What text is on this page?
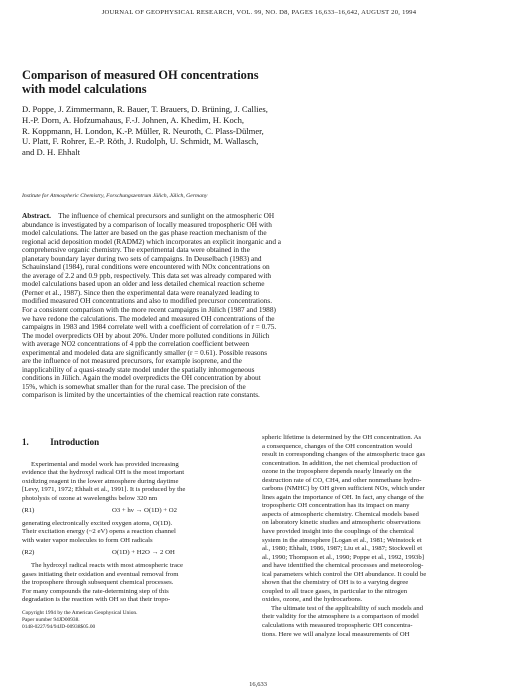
JOURNAL OF GEOPHYSICAL RESEARCH, VOL. 99, NO. D8, PAGES 16,633–16,642, AUGUST 20, 1994
Comparison of measured OH concentrations
with model calculations
D. Poppe, J. Zimmermann, R. Bauer, T. Brauers, D. Brüning, J. Callies,
H.-P. Dorn, A. Hofzumahaus, F.-J. Johnen, A. Khedim, H. Koch,
R. Koppmann, H. London, K.-P. Müller, R. Neuroth, C. Plass-Dülmer,
U. Platt, F. Rohrer, E.-P. Röth, J. Rudolph, U. Schmidt, M. Wallasch,
and D. H. Ehhalt
Institute for Atmospheric Chemistry, Forschungszentrum Jülich, Jülich, Germany
Abstract. The influence of chemical precursors and sunlight on the atmospheric OH
abundance is investigated by a comparison of locally measured tropospheric OH with
model calculations. The latter are based on the gas phase reaction mechanism of the
regional acid deposition model (RADM2) which incorporates an explicit inorganic and a
comprehensive organic chemistry. The experimental data were obtained in the
planetary boundary layer during two sets of campaigns. In Deuselbach (1983) and
Schauinsland (1984), rural conditions were encountered with NOx concentrations on
the average of 2.2 and 0.9 ppb, respectively. This data set was already compared with
model calculations based upon an older and less detailed chemical reaction scheme
(Perner et al., 1987). Since then the experimental data were reanalyzed leading to
modified measured OH concentrations and also to modified precursor concentrations.
For a consistent comparison with the more recent campaigns in Jülich (1987 and 1988)
we have redone the calculations. The modeled and measured OH concentrations of the
campaigns in 1983 and 1984 correlate well with a coefficient of correlation of r = 0.75.
The model overpredicts OH by about 20%. Under more polluted conditions in Jülich
with average NO2 concentrations of 4 ppb the correlation coefficient between
experimental and modeled data are significantly smaller (r = 0.61). Possible reasons
are the influence of not measured precursors, for example isoprene, and the
inapplicability of a quasi-steady state model under the spatially inhomogeneous
conditions in Jülich. Again the model overpredicts the OH concentration by about
15%, which is somewhat smaller than for the rural case. The precision of the
comparison is limited by the uncertainties of the chemical reaction rate constants.
1. Introduction
Experimental and model work has provided increasing
evidence that the hydroxyl radical OH is the most important
oxidizing reagent in the lower atmosphere during daytime
[Levy, 1971, 1972; Ehhalt et al., 1991]. It is produced by the
photolysis of ozone at wavelengths below 320 nm
(R1)	O3 + hν → O(1D) + O2
generating electronically excited oxygen atoms, O(1D).
Their excitation energy (~2 eV) opens a reaction channel
with water vapor molecules to form OH radicals
(R2)	O(1D) + H2O → 2 OH
The hydroxyl radical reacts with most atmospheric trace
gases initiating their oxidation and eventual removal from
the troposphere through subsequent chemical processes.
For many compounds the rate-determining step of this
degradation is the reaction with OH so that their tropo-
Copyright 1994 by the American Geophysical Union.
Paper number 94JD00938.
0148-0227/94/94JD-00938$05.00
spheric lifetime is determined by the OH concentration. As
a consequence, changes of the OH concentration would
result in corresponding changes of the atmospheric trace gas
concentration. In addition, the net chemical production of
ozone in the troposphere depends nearly linearly on the
destruction rate of CO, CH4, and other nonmethane hydro-
carbons (NMHC) by OH given sufficient NOx, which under
lines again the importance of OH. In fact, any change of the
tropospheric OH concentration has its impact on many
aspects of atmospheric chemistry. Chemical models based
on laboratory kinetic studies and atmospheric observations
have provided insight into the couplings of the chemical
system in the atmosphere [Logan et al., 1981; Weinstock et
al., 1980; Ehhalt, 1986, 1987; Liu et al., 1987; Stockwell et
al., 1990; Thompson et al., 1990; Poppe et al., 1992, 1993b]
and have identified the chemical processes and meteorolog-
ical parameters which control the OH abundance. It could be
shown that the chemistry of OH is to a varying degree
coupled to all trace gases, in particular to the nitrogen
oxides, ozone, and the hydrocarbons.
The ultimate test of the applicability of such models and
their validity for the atmosphere is a comparison of model
calculations with measured tropospheric OH concentra-
tions. Here we will analyze local measurements of OH
16,633
